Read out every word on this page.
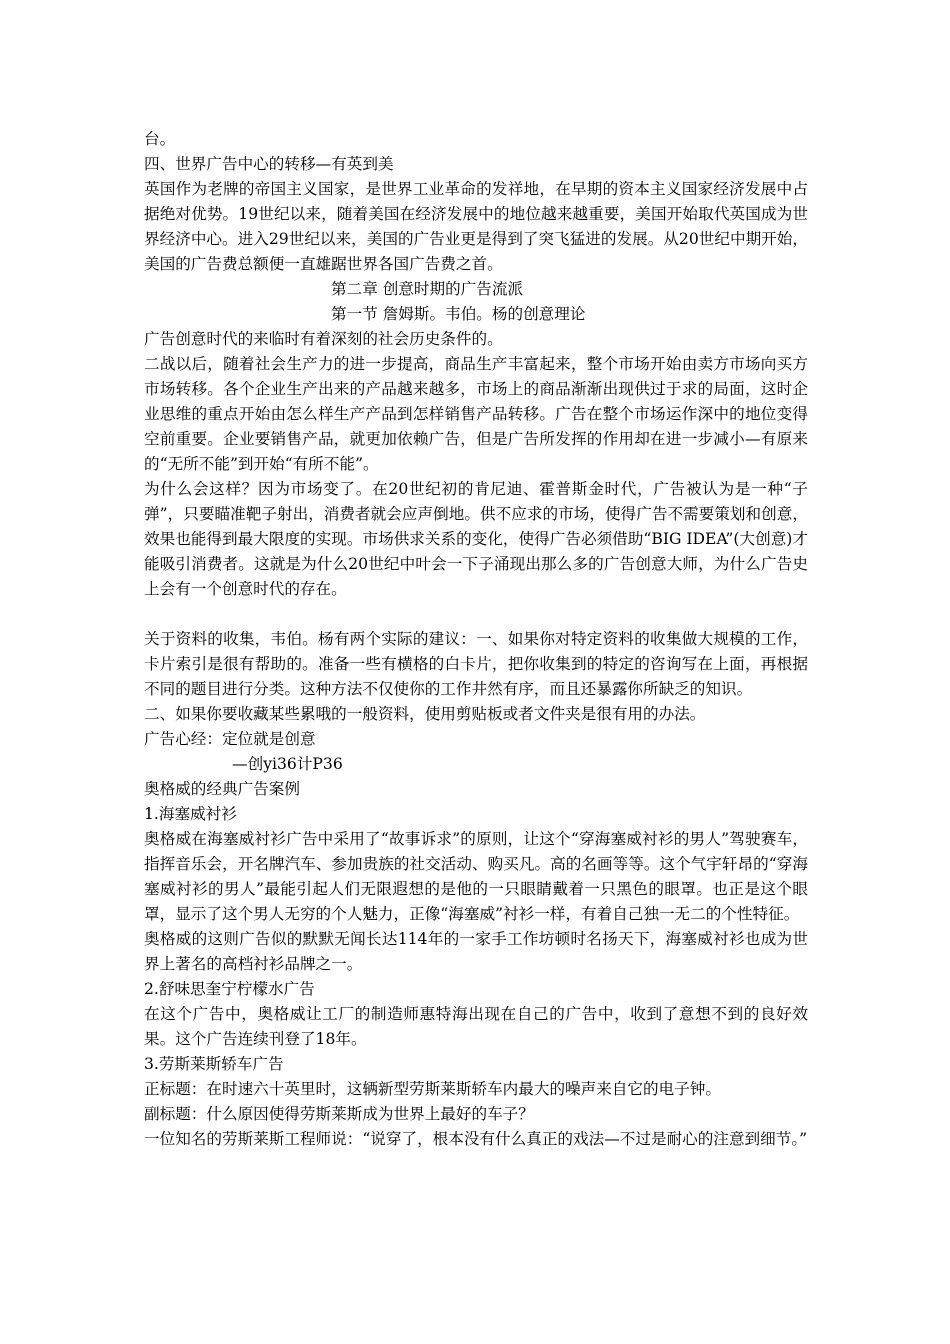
台。

四、世界广告中心的转移—有英到美

英国作为老牌的帝国主义国家，是世界工业革命的发祥地，在早期的资本主义国家经济发展中占据绝对优势。19世纪以来，随着美国在经济发展中的地位越来越重要，美国开始取代英国成为世界经济中心。进入29世纪以来，美国的广告业更是得到了突飞猛进的发展。从20世纪中期开始，美国的广告费总额便一直雄踞世界各国广告费之首。

第二章 创意时期的广告流派

第一节 詹姆斯。韦伯。杨的创意理论

广告创意时代的来临时有着深刻的社会历史条件的。

二战以后，随着社会生产力的进一步提高，商品生产丰富起来，整个市场开始由卖方市场向买方市场转移。各个企业生产出来的产品越来越多，市场上的商品渐渐出现供过于求的局面，这时企业思维的重点开始由怎么样生产产品到怎样销售产品转移。广告在整个市场运作深中的地位变得空前重要。企业要销售产品，就更加依赖广告，但是广告所发挥的作用却在进一步减小—有原来的“无所不能”到开始“有所不能”。

为什么会这样？因为市场变了。在20世纪初的肯尼迪、霍普斯金时代，广告被认为是一种“子弹”，只要瞄准靶子射出，消费者就会应声倒地。供不应求的市场，使得广告不需要策划和创意，效果也能得到最大限度的实现。市场供求关系的变化，使得广告必须借助“BIG IDEA”(大创意)才能吸引消费者。这就是为什么20世纪中叶会一下子涌现出那么多的广告创意大师，为什么广告史上会有一个创意时代的存在。

关于资料的收集，韦伯。杨有两个实际的建议：一、如果你对特定资料的收集做大规模的工作，卡片索引是很有帮助的。准备一些有横格的白卡片，把你收集到的特定的咨询写在上面，再根据不同的题目进行分类。这种方法不仅使你的工作井然有序，而且还暴露你所缺乏的知识。

二、如果你要收藏某些累哦的一般资料，使用剪贴板或者文件夹是很有用的办法。

广告心经：定位就是创意

—创yi36计P36

奥格威的经典广告案例

1.海塞威衬衫

奥格威在海塞威衬衫广告中采用了“故事诉求”的原则，让这个“穿海塞威衬衫的男人”驾驶赛车，指挥音乐会，开名牌汽车、参加贵族的社交活动、购买凡。高的名画等等。这个气宇轩昂的“穿海塞威衬衫的男人”最能引起人们无限遐想的是他的一只眼睛戴着一只黑色的眼罩。也正是这个眼罩，显示了这个男人无穷的个人魅力，正像“海塞威”衬衫一样，有着自己独一无二的个性特征。

奥格威的这则广告似的默默无闻长达114年的一家手工作坊顿时名扬天下，海塞威衬衫也成为世界上著名的高档衬衫品牌之一。

2.舒味思奎宁柠檬水广告

在这个广告中，奥格威让工厂的制造师惠特海出现在自己的广告中，收到了意想不到的良好效果。这个广告连续刊登了18年。

3.劳斯莱斯轿车广告

正标题：在时速六十英里时，这辆新型劳斯莱斯轿车内最大的噪声来自它的电子钟。

副标题：什么原因使得劳斯莱斯成为世界上最好的车子？

一位知名的劳斯莱斯工程师说：“说穿了，根本没有什么真正的戏法—不过是耐心的注意到细节。”
